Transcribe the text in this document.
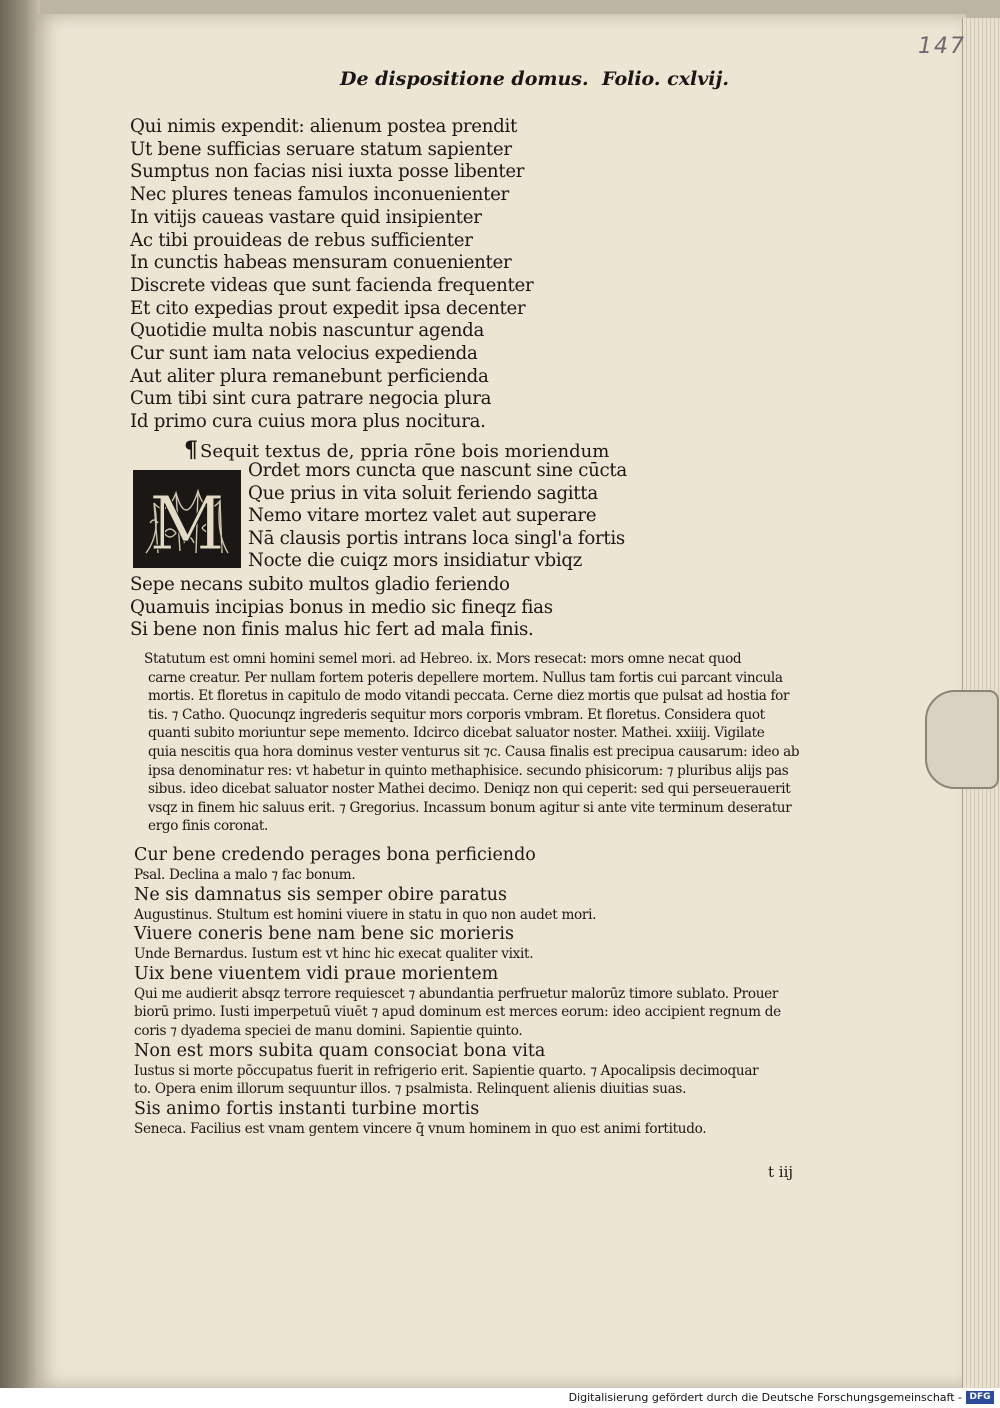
147
De dispositione domus. Folio. cxlvij.
Qui nimis expendit: alienum postea prendit
Ut bene sufficias seruare statum sapienter
Sumptus non facias nisi iuxta posse libenter
Nec plures teneas famulos inconuenienter
In vitijs caueas vastare quid insipienter
Ac tibi prouideas de rebus sufficienter
In cunctis habeas mensuram conuenienter
Discrete videas que sunt facienda frequenter
Et cito expedias prout expedit ipsa decenter
Quotidie multa nobis nascuntur agenda
Cur sunt iam nata velocius expedienda
Aut aliter plura remanebunt perficienda
Cum tibi sint cura patrare negocia plura
Id primo cura cuius mora plus nocitura.
¶ Sequit textus de, ppria rōne bois moriendum
M
Ordet mors cuncta que nascunt sine cūcta
Que prius in vita soluit feriendo sagitta
Nemo vitare mortez valet aut superare
Nā clausis portis intrans loca singl'a fortis
Nocte die cuiqz mors insidiatur vbiqz
Sepe necans subito multos gladio feriendo
Quamuis incipias bonus in medio sic fineqz fias
Si bene non finis malus hic fert ad mala finis.
Statutum est omni homini semel mori. ad Hebreo. ix. Mors resecat: mors omne necat quod
carne creatur. Per nullam fortem poteris depellere mortem. Nullus tam fortis cui parcant vincula
mortis. Et floretus in capitulo de modo vitandi peccata. Cerne diez mortis que pulsat ad hostia for
tis. ⁊ Catho. Quocunqz ingrederis sequitur mors corporis vmbram. Et floretus. Considera quot
quanti subito moriuntur sepe memento. Idcirco dicebat saluator noster. Mathei. xxiiij. Vigilate
quia nescitis qua hora dominus vester venturus sit ⁊c. Causa finalis est precipua causarum: ideo ab
ipsa denominatur res: vt habetur in quinto methaphisice. secundo phisicorum: ⁊ pluribus alijs pas
sibus. ideo dicebat saluator noster Mathei decimo. Deniqz non qui ceperit: sed qui perseuerauerit
vsqz in finem hic saluus erit. ⁊ Gregorius. Incassum bonum agitur si ante vite terminum deseratur
ergo finis coronat.
Cur bene credendo perages bona perficiendo
Psal. Declina a malo ⁊ fac bonum.
Ne sis damnatus sis semper obire paratus
Augustinus. Stultum est homini viuere in statu in quo non audet mori.
Viuere coneris bene nam bene sic morieris
Unde Bernardus. Iustum est vt hinc hic execat qualiter vixit.
Uix bene viuentem vidi praue morientem
Qui me audierit absqz terrore requiescet ⁊ abundantia perfruetur malorūz timore sublato. Prouer
biorū primo. Iusti imperpetuū viuēt ⁊ apud dominum est merces eorum: ideo accipient regnum de
coris ⁊ dyadema speciei de manu domini. Sapientie quinto.
Non est mors subita quam consociat bona vita
Iustus si morte pōccupatus fuerit in refrigerio erit. Sapientie quarto. ⁊ Apocalipsis decimoquar
to. Opera enim illorum sequuntur illos. ⁊ psalmista. Relinquent alienis diuitias suas.
Sis animo fortis instanti turbine mortis
Seneca. Facilius est vnam gentem vincere q̄ vnum hominem in quo est animi fortitudo.
t iij
Digitalisierung gefördert durch die Deutsche Forschungsgemeinschaft - DFG
